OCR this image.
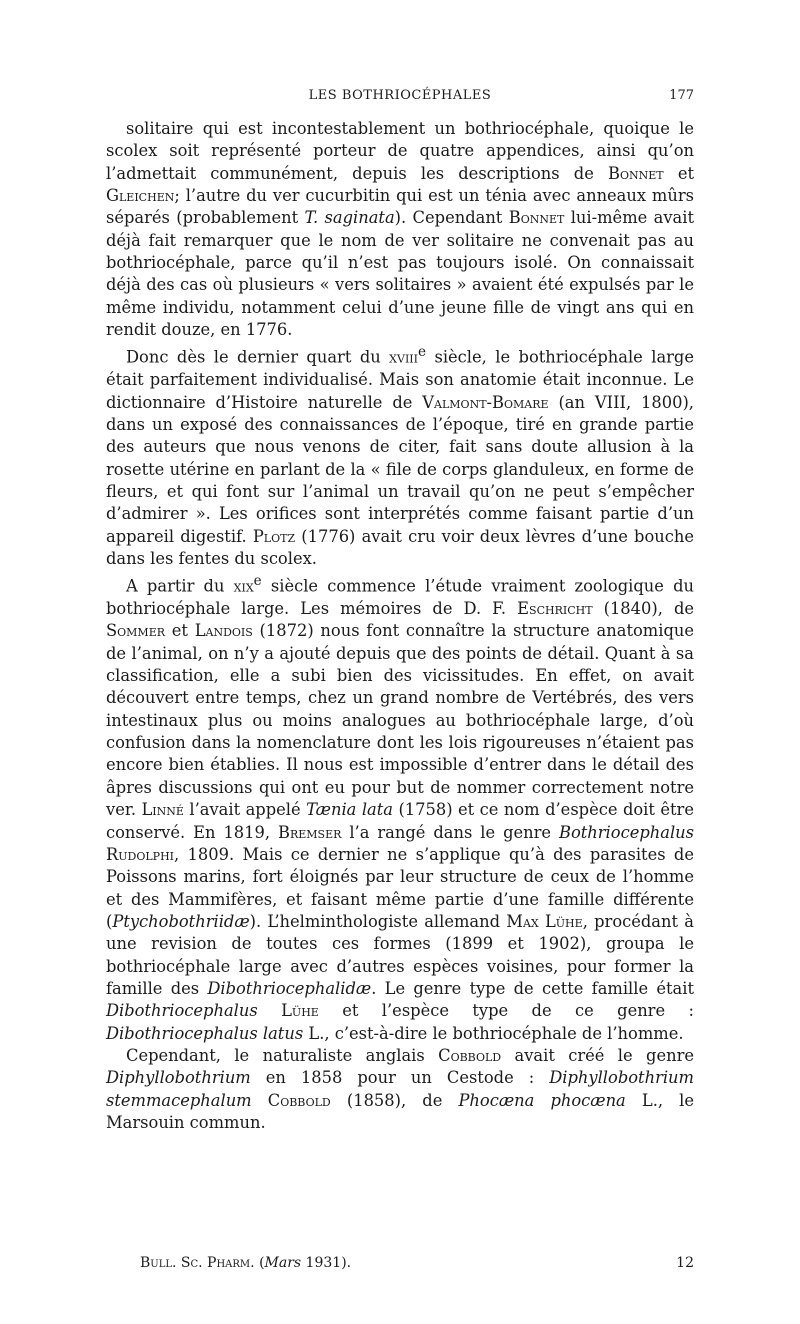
LES BOTHRIOCÉPHALES	177

solitaire qui est incontestablement un bothriocéphale, quoique le scolex soit représenté porteur de quatre appendices, ainsi qu’on l’admettait communément, depuis les descriptions de Bonnet et Gleichen; l’autre du ver cucurbitin qui est un ténia avec anneaux mûrs séparés (probablement T. saginata). Cependant Bonnet lui-même avait déjà fait remarquer que le nom de ver solitaire ne convenait pas au bothriocéphale, parce qu’il n’est pas toujours isolé. On connaissait déjà des cas où plusieurs « vers solitaires » avaient été expulsés par le même individu, notamment celui d’une jeune fille de vingt ans qui en rendit douze, en 1776.

Donc dès le dernier quart du xviii$^e$ siècle, le bothriocéphale large était parfaitement individualisé. Mais son anatomie était inconnue. Le dictionnaire d’Histoire naturelle de Valmont-Bomare (an VIII, 1800), dans un exposé des connaissances de l’époque, tiré en grande partie des auteurs que nous venons de citer, fait sans doute allusion à la rosette utérine en parlant de la « file de corps glanduleux, en forme de fleurs, et qui font sur l’animal un travail qu’on ne peut s’empêcher d’admirer ». Les orifices sont interprétés comme faisant partie d’un appareil digestif. Plotz (1776) avait cru voir deux lèvres d’une bouche dans les fentes du scolex.

A partir du xix$^e$ siècle commence l’étude vraiment zoologique du bothriocéphale large. Les mémoires de D. F. Eschricht (1840), de Sommer et Landois (1872) nous font connaître la structure anatomique de l’animal, on n’y a ajouté depuis que des points de détail. Quant à sa classification, elle a subi bien des vicissitudes. En effet, on avait découvert entre temps, chez un grand nombre de Vertébrés, des vers intestinaux plus ou moins analogues au bothriocéphale large, d’où confusion dans la nomenclature dont les lois rigoureuses n’étaient pas encore bien établies. Il nous est impossible d’entrer dans le détail des âpres discussions qui ont eu pour but de nommer correctement notre ver. Linné l’avait appelé Tænia lata (1758) et ce nom d’espèce doit être conservé. En 1819, Bremser l’a rangé dans le genre Bothriocephalus Rudolphi, 1809. Mais ce dernier ne s’applique qu’à des parasites de Poissons marins, fort éloignés par leur structure de ceux de l’homme et des Mammifères, et faisant même partie d’une famille différente (Ptychobothriidæ). L’helminthologiste allemand Max Lühe, procédant à une revision de toutes ces formes (1899 et 1902), groupa le bothriocéphale large avec d’autres espèces voisines, pour former la famille des Dibothriocephalidæ. Le genre type de cette famille était Dibothriocephalus Lühe et l’espèce type de ce genre : Dibothriocephalus latus L., c’est-à-dire le bothriocéphale de l’homme.

Cependant, le naturaliste anglais Cobbold avait créé le genre Diphyllobothrium en 1858 pour un Cestode : Diphyllobothrium stemmacephalum Cobbold (1858), de Phocæna phocæna L., le Marsouin commun.

Bull. Sc. Pharm. (Mars 1931).	12
